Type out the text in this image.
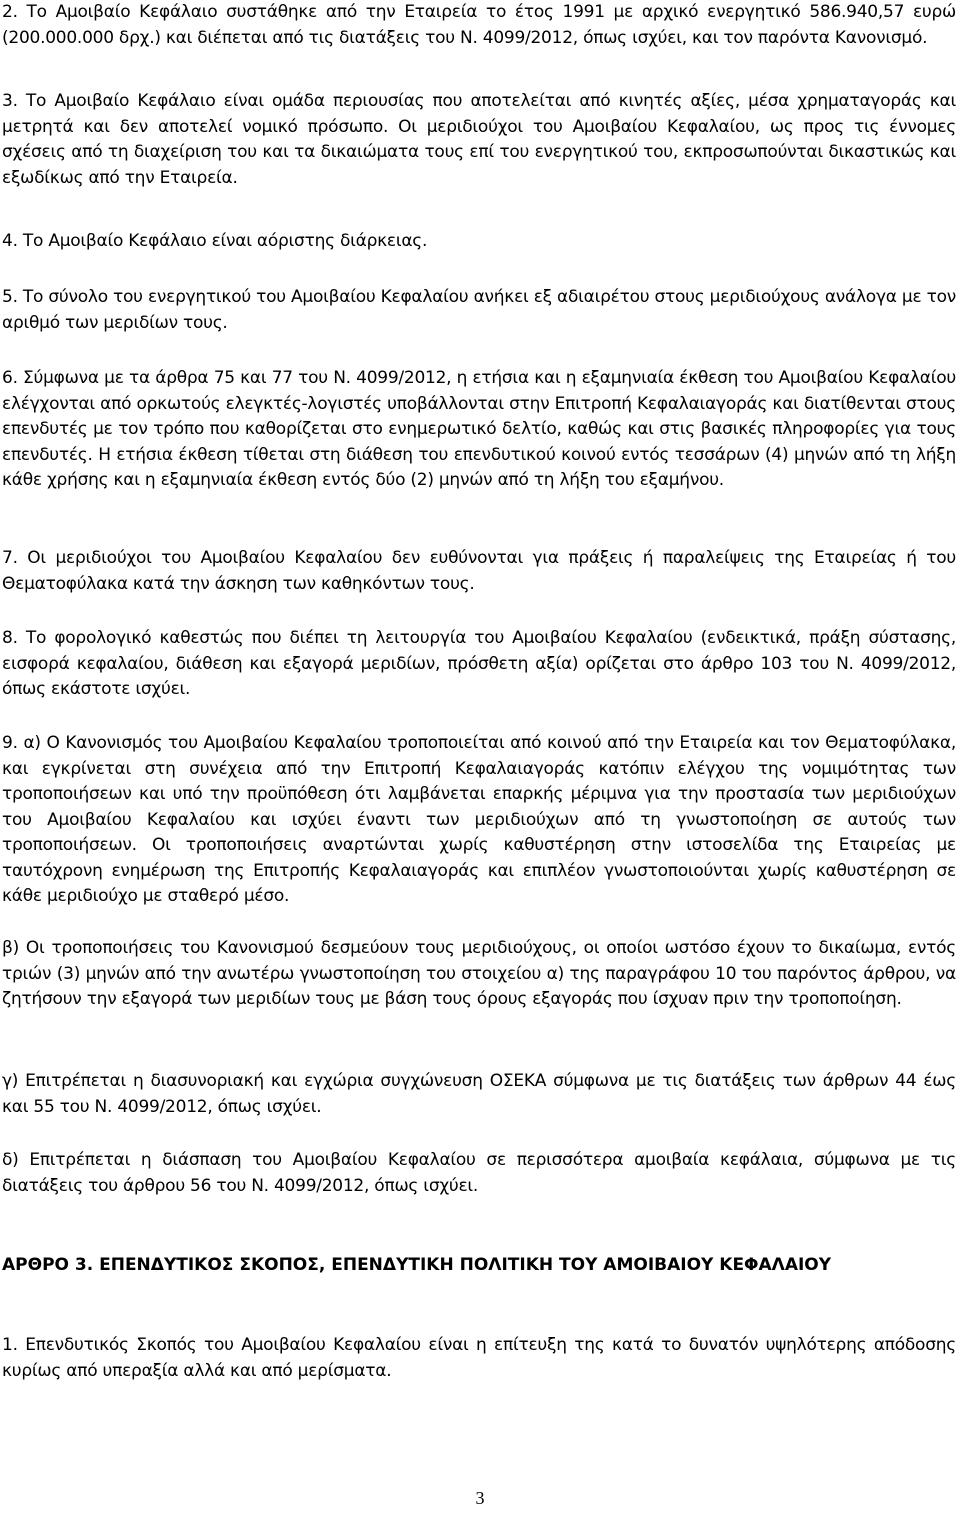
2. Το Αμοιβαίο Κεφάλαιο συστάθηκε από την Εταιρεία το έτος 1991 με αρχικό ενεργητικό 586.940,57 ευρώ (200.000.000 δρχ.) και διέπεται από τις διατάξεις του Ν. 4099/2012, όπως ισχύει, και τον παρόντα Κανονισμό.

3. Το Αμοιβαίο Κεφάλαιο είναι ομάδα περιουσίας που αποτελείται από κινητές αξίες, μέσα χρηματαγοράς και μετρητά και δεν αποτελεί νομικό πρόσωπο. Οι μεριδιούχοι του Αμοιβαίου Κεφαλαίου, ως προς τις έννομες σχέσεις από τη διαχείριση του και τα δικαιώματα τους επί του ενεργητικού του, εκπροσωπούνται δικαστικώς και εξωδίκως από την Εταιρεία.

4. Το Αμοιβαίο Κεφάλαιο είναι αόριστης διάρκειας.

5. Το σύνολο του ενεργητικού του Αμοιβαίου Κεφαλαίου ανήκει εξ αδιαιρέτου στους μεριδιούχους ανάλογα με τον αριθμό των μεριδίων τους.

6. Σύμφωνα με τα άρθρα 75 και 77 του Ν. 4099/2012, η ετήσια και η εξαμηνιαία έκθεση του Αμοιβαίου Κεφαλαίου ελέγχονται από ορκωτούς ελεγκτές-λογιστές υποβάλλονται στην Επιτροπή Κεφαλαιαγοράς και διατίθενται στους επενδυτές με τον τρόπο που καθορίζεται στο ενημερωτικό δελτίο, καθώς και στις βασικές πληροφορίες για τους επενδυτές. Η ετήσια έκθεση τίθεται στη διάθεση του επενδυτικού κοινού εντός τεσσάρων (4) μηνών από τη λήξη κάθε χρήσης και η εξαμηνιαία έκθεση εντός δύο (2) μηνών από τη λήξη του εξαμήνου.

7. Οι μεριδιούχοι του Αμοιβαίου Κεφαλαίου δεν ευθύνονται για πράξεις ή παραλείψεις της Εταιρείας ή του Θεματοφύλακα κατά την άσκηση των καθηκόντων τους.

8. Το φορολογικό καθεστώς που διέπει τη λειτουργία του Αμοιβαίου Κεφαλαίου (ενδεικτικά, πράξη σύστασης, εισφορά κεφαλαίου, διάθεση και εξαγορά μεριδίων, πρόσθετη αξία) ορίζεται στο άρθρο 103 του Ν. 4099/2012, όπως εκάστοτε ισχύει.

9. α) Ο Κανονισμός του Αμοιβαίου Κεφαλαίου τροποποιείται από κοινού από την Εταιρεία και τον Θεματοφύλακα, και εγκρίνεται στη συνέχεια από την Επιτροπή Κεφαλαιαγοράς κατόπιν ελέγχου της νομιμότητας των τροποποιήσεων και υπό την προϋπόθεση ότι λαμβάνεται επαρκής μέριμνα για την προστασία των μεριδιούχων του Αμοιβαίου Κεφαλαίου και ισχύει έναντι των μεριδιούχων από τη γνωστοποίηση σε αυτούς των τροποποιήσεων. Οι τροποποιήσεις αναρτώνται χωρίς καθυστέρηση στην ιστοσελίδα της Εταιρείας με ταυτόχρονη ενημέρωση της Επιτροπής Κεφαλαιαγοράς και επιπλέον γνωστοποιούνται χωρίς καθυστέρηση σε κάθε μεριδιούχο με σταθερό μέσο.

β) Οι τροποποιήσεις του Κανονισμού δεσμεύουν τους μεριδιούχους, οι οποίοι ωστόσο έχουν το δικαίωμα, εντός τριών (3) μηνών από την ανωτέρω γνωστοποίηση του στοιχείου α) της παραγράφου 10 του παρόντος άρθρου, να ζητήσουν την εξαγορά των μεριδίων τους με βάση τους όρους εξαγοράς που ίσχυαν πριν την τροποποίηση.

γ) Επιτρέπεται η διασυνοριακή και εγχώρια συγχώνευση ΟΣΕΚΑ σύμφωνα με τις διατάξεις των άρθρων 44 έως και 55 του Ν. 4099/2012, όπως ισχύει.

δ) Επιτρέπεται η διάσπαση του Αμοιβαίου Κεφαλαίου σε περισσότερα αμοιβαία κεφάλαια, σύμφωνα με τις διατάξεις του άρθρου 56 του Ν. 4099/2012, όπως ισχύει.

ΑΡΘΡΟ 3. ΕΠΕΝΔΥΤΙΚΟΣ ΣΚΟΠΟΣ, ΕΠΕΝΔΥΤΙΚΗ ΠΟΛΙΤΙΚΗ ΤΟΥ ΑΜΟΙΒΑΙΟΥ ΚΕΦΑΛΑΙΟΥ

1. Επενδυτικός Σκοπός του Αμοιβαίου Κεφαλαίου είναι η επίτευξη της κατά το δυνατόν υψηλότερης απόδοσης κυρίως από υπεραξία αλλά και από μερίσματα.

3
